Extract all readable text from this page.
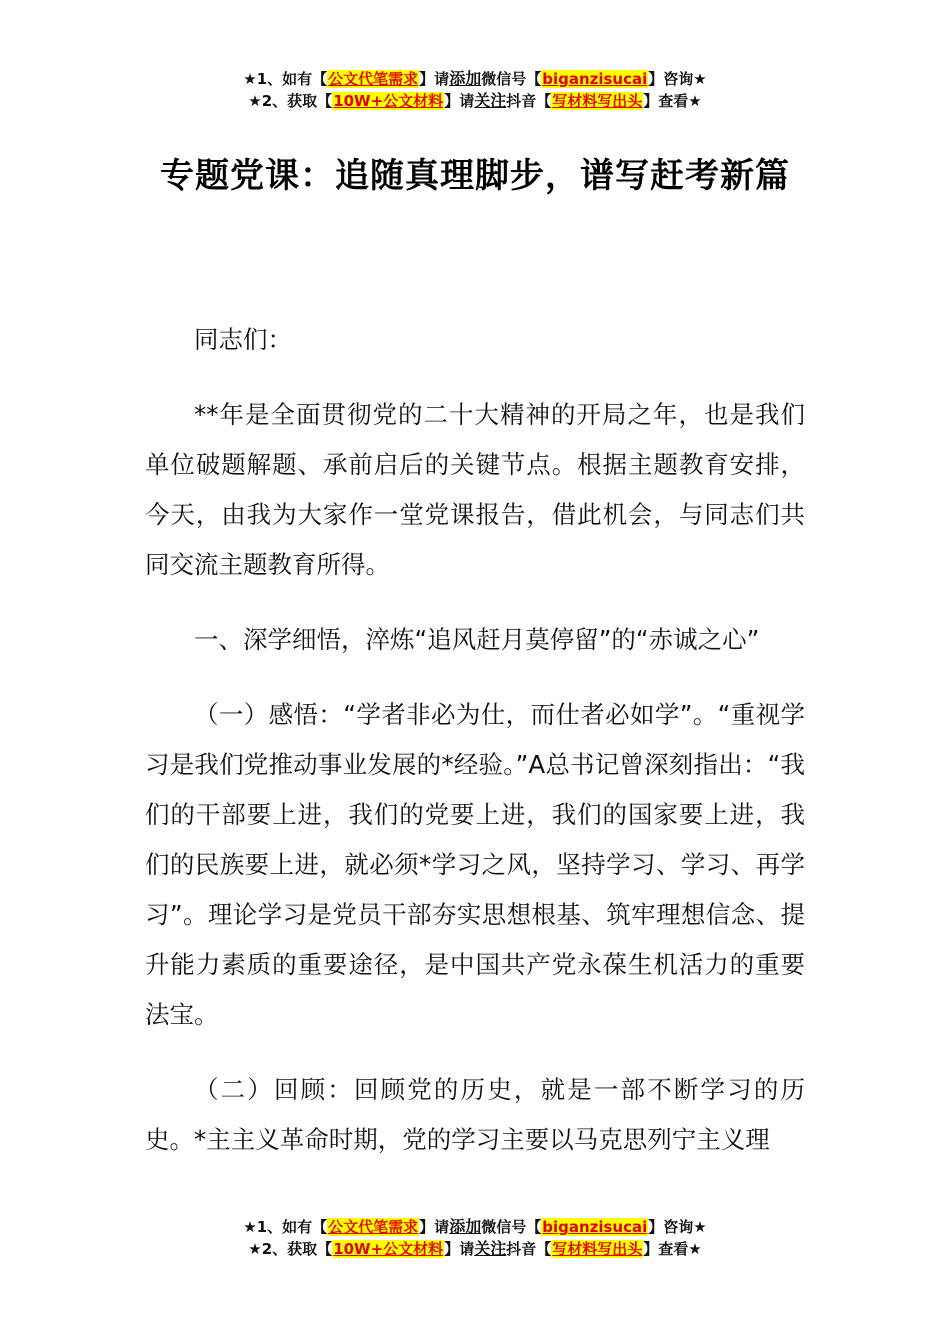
★1、如有【公文代笔需求】请添加微信号【biganzisucai】咨询★
★2、获取【10W+公文材料】请关注抖音【写材料写出头】查看★
专题党课：追随真理脚步，谱写赶考新篇

同志们：

**年是全面贯彻党的二十大精神的开局之年，也是我们单位破题解题、承前启后的关键节点。根据主题教育安排，今天，由我为大家作一堂党课报告，借此机会，与同志们共同交流主题教育所得。

一、深学细悟，淬炼“追风赶月莫停留”的“赤诚之心”

（一）感悟：“学者非必为仕，而仕者必如学”。“重视学习是我们党推动事业发展的*经验。”A总书记曾深刻指出：“我们的干部要上进，我们的党要上进，我们的国家要上进，我们的民族要上进，就必须*学习之风，坚持学习、学习、再学习”。理论学习是党员干部夯实思想根基、筑牢理想信念、提升能力素质的重要途径，是中国共产党永葆生机活力的重要法宝。

（二）回顾：回顾党的历史，就是一部不断学习的历史。*主主义革命时期，党的学习主要以马克思列宁主义理

★1、如有【公文代笔需求】请添加微信号【biganzisucai】咨询★
★2、获取【10W+公文材料】请关注抖音【写材料写出头】查看★
